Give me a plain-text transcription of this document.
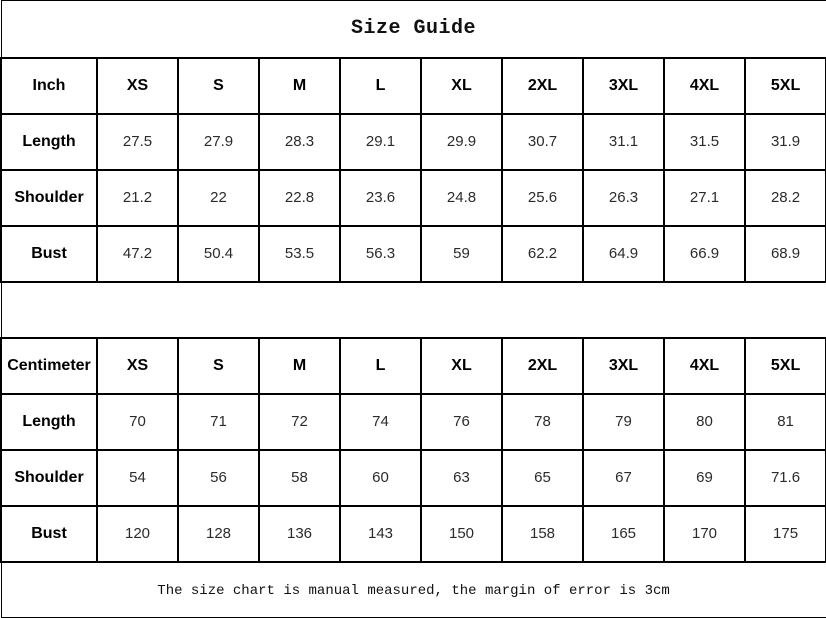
Size Guide									
Inch	XS	S	M	L	XL	2XL	3XL	4XL	5XL
Length	27.5	27.9	28.3	29.1	29.9	30.7	31.1	31.5	31.9
Shoulder	21.2	22	22.8	23.6	24.8	25.6	26.3	27.1	28.2
Bust	47.2	50.4	53.5	56.3	59	62.2	64.9	66.9	68.9

Centimeter	XS	S	M	L	XL	2XL	3XL	4XL	5XL
Length	70	71	72	74	76	78	79	80	81
Shoulder	54	56	58	60	63	65	67	69	71.6
Bust	120	128	136	143	150	158	165	170	175
The size chart is manual measured, the margin of error is 3cm									
